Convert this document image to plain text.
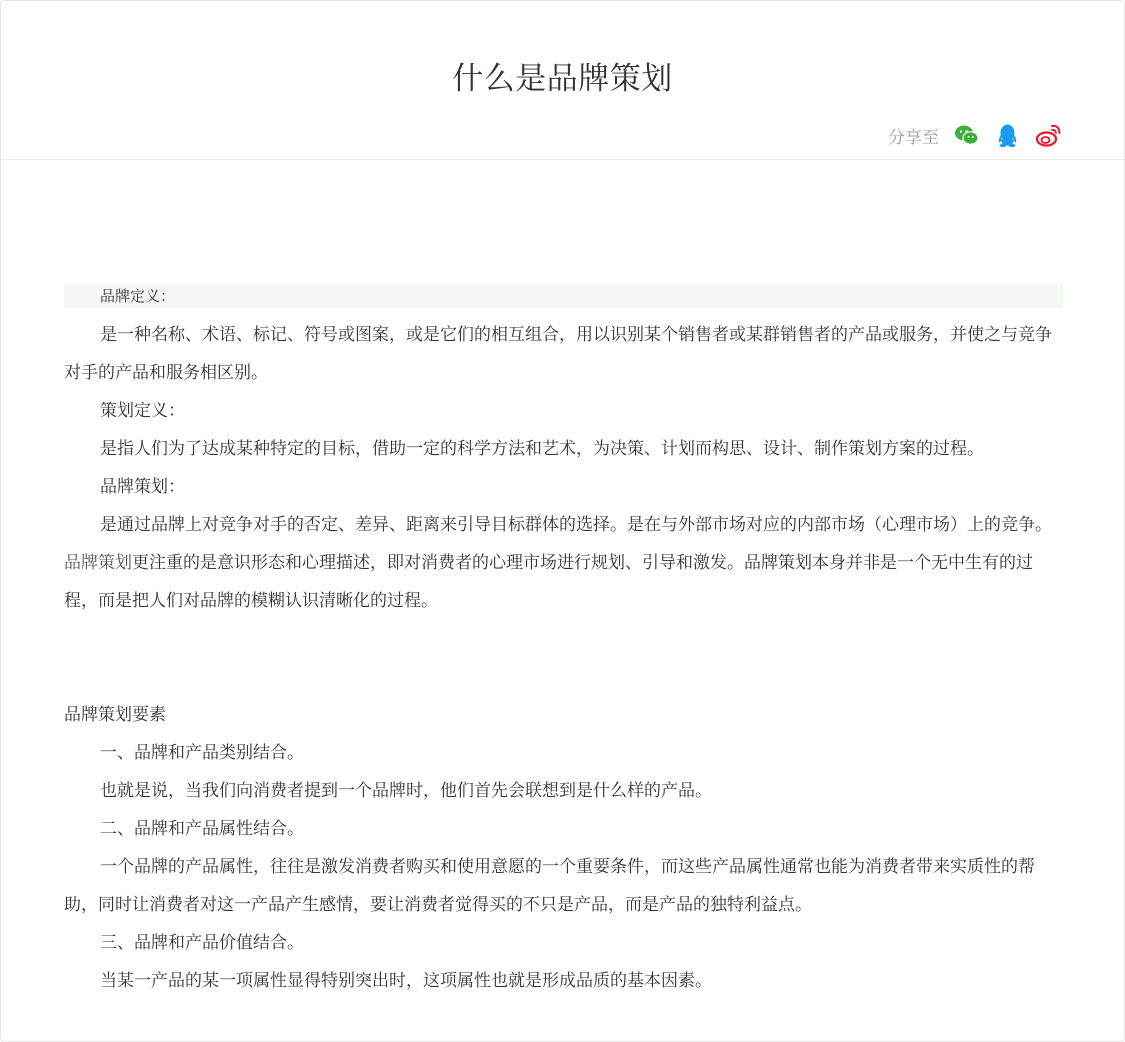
什么是品牌策划
分享至
品牌定义：

是一种名称、术语、标记、符号或图案，或是它们的相互组合，用以识别某个销售者或某群销售者的产品或服务，并使之与竞争对手的产品和服务相区别。

策划定义：

是指人们为了达成某种特定的目标，借助一定的科学方法和艺术，为决策、计划而构思、设计、制作策划方案的过程。

品牌策划：

是通过品牌上对竞争对手的否定、差异、距离来引导目标群体的选择。是在与外部市场对应的内部市场（心理市场）上的竞争。品牌策划更注重的是意识形态和心理描述，即对消费者的心理市场进行规划、引导和激发。品牌策划本身并非是一个无中生有的过程，而是把人们对品牌的模糊认识清晰化的过程。

品牌策划要素

一、品牌和产品类别结合。

也就是说，当我们向消费者提到一个品牌时，他们首先会联想到是什么样的产品。

二、品牌和产品属性结合。

一个品牌的产品属性，往往是激发消费者购买和使用意愿的一个重要条件，而这些产品属性通常也能为消费者带来实质性的帮助，同时让消费者对这一产品产生感情，要让消费者觉得买的不只是产品，而是产品的独特利益点。

三、品牌和产品价值结合。

当某一产品的某一项属性显得特别突出时，这项属性也就是形成品质的基本因素。
